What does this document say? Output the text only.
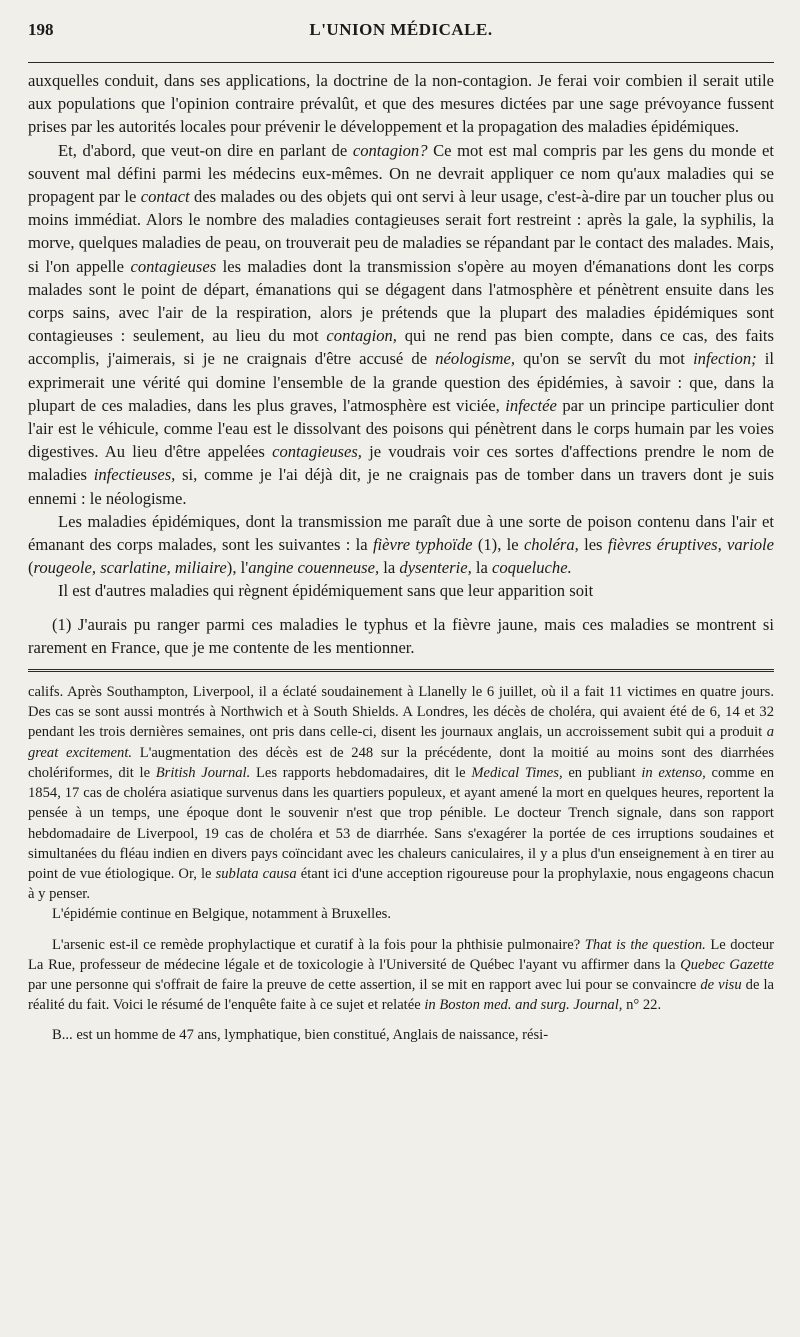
198	L'UNION MÉDICALE.

auxquelles conduit, dans ses applications, la doctrine de la non-contagion. Je ferai voir combien il serait utile aux populations que l'opinion contraire prévalût, et que des mesures dictées par une sage prévoyance fussent prises par les autorités locales pour prévenir le développement et la propagation des maladies épidémiques.

Et, d'abord, que veut-on dire en parlant de contagion? Ce mot est mal compris par les gens du monde et souvent mal défini parmi les médecins eux-mêmes. On ne devrait appliquer ce nom qu'aux maladies qui se propagent par le contact des malades ou des objets qui ont servi à leur usage, c'est-à-dire par un toucher plus ou moins immédiat. Alors le nombre des maladies contagieuses serait fort restreint : après la gale, la syphilis, la morve, quelques maladies de peau, on trouverait peu de maladies se répandant par le contact des malades. Mais, si l'on appelle contagieuses les maladies dont la transmission s'opère au moyen d'émanations dont les corps malades sont le point de départ, émanations qui se dégagent dans l'atmosphère et pénètrent ensuite dans les corps sains, avec l'air de la respiration, alors je prétends que la plupart des maladies épidémiques sont contagieuses : seulement, au lieu du mot contagion, qui ne rend pas bien compte, dans ce cas, des faits accomplis, j'aimerais, si je ne craignais d'être accusé de néologisme, qu'on se servît du mot infection; il exprimerait une vérité qui domine l'ensemble de la grande question des épidémies, à savoir : que, dans la plupart de ces maladies, dans les plus graves, l'atmosphère est viciée, infectée par un principe particulier dont l'air est le véhicule, comme l'eau est le dissolvant des poisons qui pénètrent dans le corps humain par les voies digestives. Au lieu d'être appelées contagieuses, je voudrais voir ces sortes d'affections prendre le nom de maladies infectieuses, si, comme je l'ai déjà dit, je ne craignais pas de tomber dans un travers dont je suis ennemi : le néologisme.

Les maladies épidémiques, dont la transmission me paraît due à une sorte de poison contenu dans l'air et émanant des corps malades, sont les suivantes : la fièvre typhoïde (1), le choléra, les fièvres éruptives, variole (rougeole, scarlatine, miliaire), l'angine couenneuse, la dysenterie, la coqueluche.

Il est d'autres maladies qui règnent épidémiquement sans que leur apparition soit

(1) J'aurais pu ranger parmi ces maladies le typhus et la fièvre jaune, mais ces maladies se montrent si rarement en France, que je me contente de les mentionner.

califs. Après Southampton, Liverpool, il a éclaté soudainement à Llanelly le 6 juillet, où il a fait 11 victimes en quatre jours. Des cas se sont aussi montrés à Northwich et à South Shields. A Londres, les décès de choléra, qui avaient été de 6, 14 et 32 pendant les trois dernières semaines, ont pris dans celle-ci, disent les journaux anglais, un accroissement subit qui a produit a great excitement. L'augmentation des décès est de 248 sur la précédente, dont la moitié au moins sont des diarrhées cholériformes, dit le British Journal. Les rapports hebdomadaires, dit le Medical Times, en publiant in extenso, comme en 1854, 17 cas de choléra asiatique survenus dans les quartiers populeux, et ayant amené la mort en quelques heures, reportent la pensée à un temps, une époque dont le souvenir n'est que trop pénible. Le docteur Trench signale, dans son rapport hebdomadaire de Liverpool, 19 cas de choléra et 53 de diarrhée. Sans s'exagérer la portée de ces irruptions soudaines et simultanées du fléau indien en divers pays coïncidant avec les chaleurs caniculaires, il y a plus d'un enseignement à en tirer au point de vue étiologique. Or, le sublata causa étant ici d'une acception rigoureuse pour la prophylaxie, nous engageons chacun à y penser.

L'épidémie continue en Belgique, notamment à Bruxelles.

L'arsenic est-il ce remède prophylactique et curatif à la fois pour la phthisie pulmonaire? That is the question. Le docteur La Rue, professeur de médecine légale et de toxicologie à l'Université de Québec l'ayant vu affirmer dans la Quebec Gazette par une personne qui s'offrait de faire la preuve de cette assertion, il se mit en rapport avec lui pour se convaincre de visu de la réalité du fait. Voici le résumé de l'enquête faite à ce sujet et relatée in Boston med. and surg. Journal, n° 22.

B... est un homme de 47 ans, lymphatique, bien constitué, Anglais de naissance, rési-
